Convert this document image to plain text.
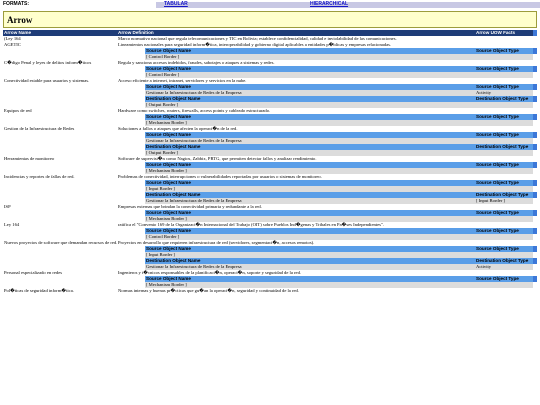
FORMATS:	TABULAR	HIERARCHICAL
Arrow
Arrow Name	Arrow Definition		Arrow UOW Facts	
(Ley 164	Marco normativo nacional que regula telecomunicaciones y TIC en Bolivia; establece confidencialidad, calidad e inviolabilidad de las comunicaciones.			
AGETIC	Lineamientos nacionales para seguridad inform�tica, interoperabilidad y gobierno digital aplicables a entidades p�blicas y empresas relacionadas.			
		Source Object Name	Source Object Type	
		[ Control Border ]		
C�digo Penal y leyes de delitos inform�ticos	Regula y sanciona accesos indebidos, fraudes, sabotajes o ataques a sistemas y redes.			
		Source Object Name	Source Object Type	
		[ Control Border ]		
Conectividad estable para usuarios y sistemas.	Acceso eficiente a internet, intranet, servidores y servicios en la nube.			
		Source Object Name	Source Object Type	
		Gestionar la Infraestructura de Redes de la Empresa	Activity	
		Destination Object Name	Destination Object Type	
		[ Output Border ]		
Equipos de red	Hardware como switches, routers, firewalls, access points y cableado estructurado.			
		Source Object Name	Source Object Type	
		[ Mechanism Border ]		
Gestion de la Infraestructura de Redes	Soluciones a fallos o ataques que afecten la operaci�n de la red.			
		Source Object Name	Source Object Type	
		Gestionar la Infraestructura de Redes de la Empresa		
		Destination Object Name	Destination Object Type	
		[ Output Border ]		
Herramientas de monitoreo	Software de supervisi�n como Nagios, Zabbix, PRTG, que permiten detectar fallos y analizar rendimiento.			
		Source Object Name	Source Object Type	
		[ Mechanism Border ]		
Incidencias y reportes de fallas de red.	Problemas de conectividad, interrupciones o vulnerabilidades reportadas por usuarios o sistemas de monitoreo.			
		Source Object Name	Source Object Type	
		[ Input Border ]		
		Destination Object Name	Destination Object Type	
		Gestionar la Infraestructura de Redes de la Empresa	[ Input Border ]	
ISP	Empresas externas que brindan la conectividad primaria y redundante a la red.			
		Source Object Name	Source Object Type	
		[ Mechanism Border ]		
Ley 164	ratifica el "Convenio 169 de la Organizaci�n Internacional del Trabajo (OIT) sobre Pueblos Ind�genas y Tribales en Pa�ses Independientes".			
		Source Object Name	Source Object Type	
		[ Control Border ]		
Nuevos proyectos de software que demandan recursos de red.	Proyectos en desarrollo que requieren infraestructura de red (servidores, segmentaci�n, accesos remotos).			
		Source Object Name	Source Object Type	
		[ Input Border ]		
		Destination Object Name	Destination Object Type	
		Gestionar la Infraestructura de Redes de la Empresa	Activity	
Personal especializado en redes	Ingenieros y t�cnicos responsables de la planificaci�n, operaci�n, soporte y seguridad de la red.			
		Source Object Name	Source Object Type	
		[ Mechanism Border ]		
Pol�ticas de seguridad inform�tica.	Normas internas y buenas pr�cticas que gu�an la operaci�n, seguridad y continuidad de la red.			
